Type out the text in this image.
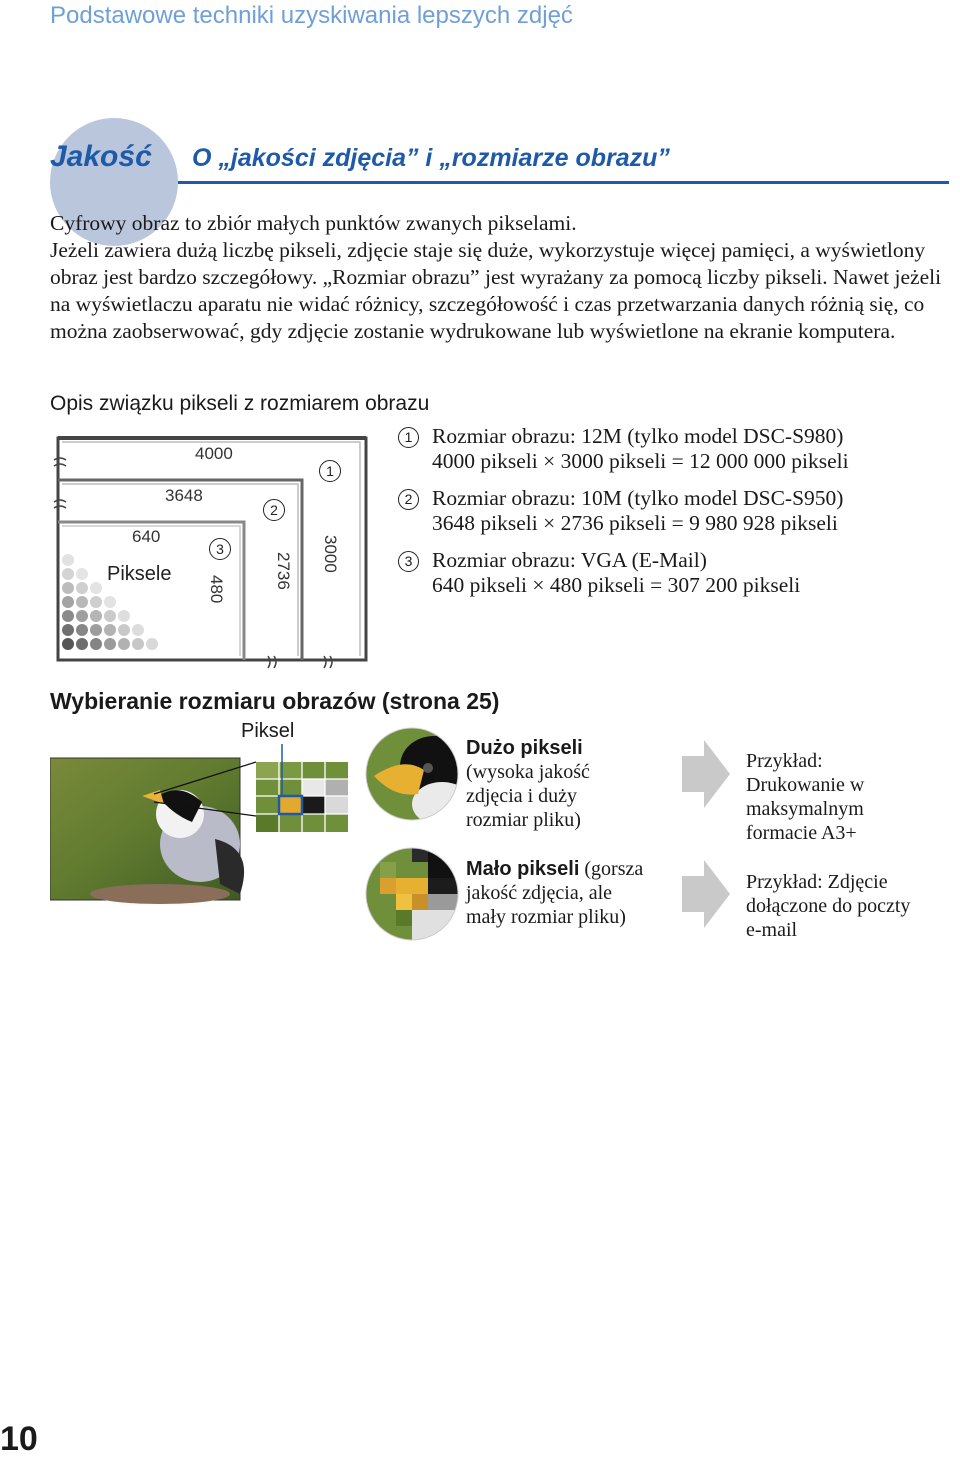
Podstawowe techniki uzyskiwania lepszych zdjęć
Jakość O „jakości zdjęcia” i „rozmiarze obrazu”

Cyfrowy obraz to zbiór małych punktów zwanych pikselami.

Jeżeli zawiera dużą liczbę pikseli, zdjęcie staje się duże, wykorzystuje więcej pamięci, a wyświetlony obraz jest bardzo szczegółowy. „Rozmiar obrazu” jest wyrażany za pomocą liczby pikseli. Nawet jeżeli na wyświetlaczu aparatu nie widać różnicy, szczegółowość i czas przetwarzania danych różnią się, co można zaobserwować, gdy zdjęcie zostanie wydrukowane lub wyświetlone na ekranie komputera.

Opis związku pikseli z rozmiarem obrazu
4000
3648
640	3000
2736
480
Piksele
1
2
3
1 Rozmiar obrazu: 12M (tylko model DSC-S980)
4000 pikseli × 3000 pikseli = 12 000 000 pikseli
2 Rozmiar obrazu: 10M (tylko model DSC-S950)
3648 pikseli × 2736 pikseli = 9 980 928 pikseli
3 Rozmiar obrazu: VGA (E-Mail)
640 pikseli × 480 pikseli = 307 200 pikseli
Wybieranie rozmiaru obrazów (strona 25)
Piksel
Dużo pikseli
(wysoka jakość
zdjęcia i duży
rozmiar pliku)
Mało pikseli (gorsza
jakość zdjęcia, ale
mały rozmiar pliku)
Przykład:
Drukowanie w
maksymalnym
formacie A3+
Przykład: Zdjęcie
dołączone do poczty
e-mail
10
